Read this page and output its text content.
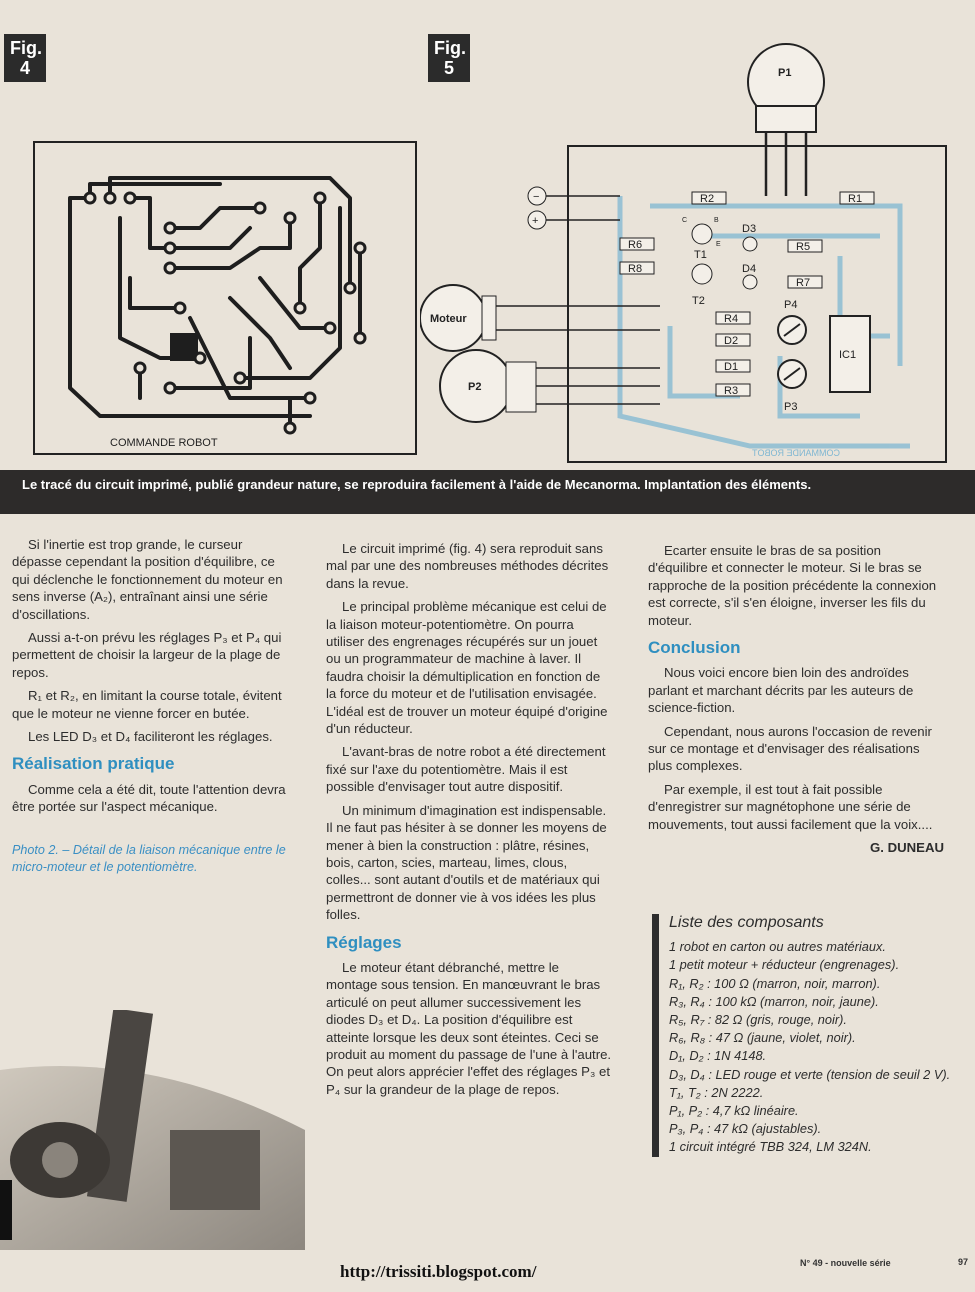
Fig.
4
Fig.
5
COMMANDE ROBOT
COMMANDE ROBOT
P1
−
+
R2	R1
R6
R8
R5
R7
R4
D2
D1
R3
T1
T2
C	B
E
D3
D4
P4
P3
IC1
Moteur
P2
Le tracé du circuit imprimé, publié grandeur nature, se reproduira facilement à l'aide de Mecanorma. Implantation des éléments.

Si l'inertie est trop grande, le curseur dépasse cependant la position d'équilibre, ce qui déclenche le fonctionnement du moteur en sens inverse (A₂), entraînant ainsi une série d'oscillations.

Aussi a-t-on prévu les réglages P₃ et P₄ qui permettent de choisir la largeur de la plage de repos.

R₁ et R₂, en limitant la course totale, évitent que le moteur ne vienne forcer en butée.

Les LED D₃ et D₄ faciliteront les réglages.

Réalisation pratique

Comme cela a été dit, toute l'attention devra être portée sur l'aspect mécanique.

Photo 2. – Détail de la liaison mécanique entre le micro-moteur et le potentiomètre.

Le circuit imprimé (fig. 4) sera reproduit sans mal par une des nombreuses méthodes décrites dans la revue.

Le principal problème mécanique est celui de la liaison moteur-potentiomètre. On pourra utiliser des engrenages récupérés sur un jouet ou un programmateur de machine à laver. Il faudra choisir la démultiplication en fonction de la force du moteur et de l'utilisation envisagée. L'idéal est de trouver un moteur équipé d'origine d'un réducteur.

L'avant-bras de notre robot a été directement fixé sur l'axe du potentiomètre. Mais il est possible d'envisager tout autre dispositif.

Un minimum d'imagination est indispensable. Il ne faut pas hésiter à se donner les moyens de mener à bien la construction : plâtre, résines, bois, carton, scies, marteau, limes, clous, colles... sont autant d'outils et de matériaux qui permettront de donner vie à vos idées les plus folles.

Réglages

Le moteur étant débranché, mettre le montage sous tension. En manœuvrant le bras articulé on peut allumer successivement les diodes D₃ et D₄. La position d'équilibre est atteinte lorsque les deux sont éteintes. Ceci se produit au moment du passage de l'une à l'autre. On peut alors apprécier l'effet des réglages P₃ et P₄ sur la grandeur de la plage de repos.

Ecarter ensuite le bras de sa position d'équilibre et connecter le moteur. Si le bras se rapproche de la position précédente la connexion est correcte, s'il s'en éloigne, inverser les fils du moteur.

Conclusion

Nous voici encore bien loin des androïdes parlant et marchant décrits par les auteurs de science-fiction.

Cependant, nous aurons l'occasion de revenir sur ce montage et d'envisager des réalisations plus complexes.

Par exemple, il est tout à fait possible d'enregistrer sur magnétophone une série de mouvements, tout aussi facilement que la voix....

G. DUNEAU
Liste des composants
1 robot en carton ou autres matériaux.
1 petit moteur + réducteur (engrenages).
R₁, R₂ : 100 Ω (marron, noir, marron).
R₃, R₄ : 100 kΩ (marron, noir, jaune).
R₅, R₇ : 82 Ω (gris, rouge, noir).
R₆, R₈ : 47 Ω (jaune, violet, noir).
D₁, D₂ : 1N 4148.
D₃, D₄ : LED rouge et verte (tension de seuil 2 V).
T₁, T₂ : 2N 2222.
P₁, P₂ : 4,7 kΩ linéaire.
P₃, P₄ : 47 kΩ (ajustables).
1 circuit intégré TBB 324, LM 324N.
http://trissiti.blogspot.com/	N° 49 - nouvelle série	97
